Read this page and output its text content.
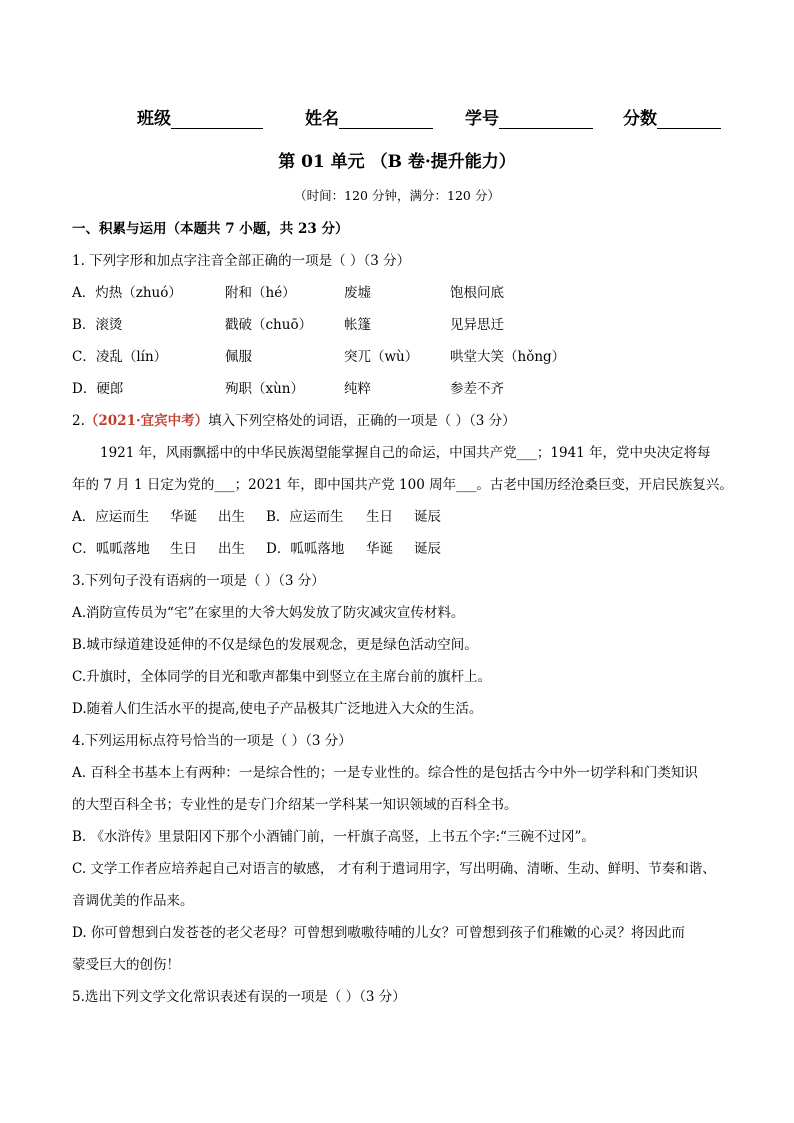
班级	姓名	学号	分数
第 01 单元 （B 卷·提升能力）
（时间：120 分钟，满分：120 分）
一、积累与运用（本题共 7 小题，共 23 分）
1. 下列字形和加点字注音全部正确的一项是（ ）（3 分）
A．灼热（zhuó）	附和（hé）	废墟	饱根问底
B．滚烫	戳破（chuō） 帐篷	见异思迁
C．凌乱（lín）	佩服	突兀（wù） 哄堂大笑（hǒng）
D．硬郎	殉职（xùn）	纯粹	参差不齐
2.（2021·宜宾中考）填入下列空格处的词语，正确的一项是（ ）（3 分）
1921 年，风雨飘摇中的中华民族渴望能掌握自己的命运，中国共产党___；1941 年，党中央决定将每
年的 7 月 1 日定为党的___；2021 年，即中国共产党 100 周年___。古老中国历经沧桑巨变，开启民族复兴。
A．应运而生 华诞 出生 B．应运而生 生日 诞辰
C．呱呱落地 生日 出生 D．呱呱落地 华诞 诞辰
3.下列句子没有语病的一项是（ ）（3 分）
A.消防宣传员为“宅”在家里的大爷大妈发放了防灾减灾宣传材料。
B.城市绿道建设延伸的不仅是绿色的发展观念，更是绿色活动空间。
C.升旗时，全体同学的目光和歌声都集中到竖立在主席台前的旗杆上。
D.随着人们生活水平的提高,使电子产品极其广泛地进入大众的生活。
4.下列运用标点符号恰当的一项是（ ）（3 分）
A. 百科全书基本上有两种：一是综合性的；一是专业性的。综合性的是包括古今中外一切学科和门类知识
的大型百科全书；专业性的是专门介绍某一学科某一知识领域的百科全书。
B. 《水浒传》里景阳冈下那个小酒铺门前，一杆旗子高竖，上书五个字:“三碗不过冈”。
C. 文学工作者应培养起自己对语言的敏感， 才有利于遣词用字，写出明确、清晰、生动、鲜明、节奏和谐、
音调优美的作品来。
D. 你可曾想到白发苍苍的老父老母？可曾想到嗷嗷待哺的儿女？可曾想到孩子们稚嫩的心灵？将因此而
蒙受巨大的创伤！
5.选出下列文学文化常识表述有误的一项是（ ）（3 分）
